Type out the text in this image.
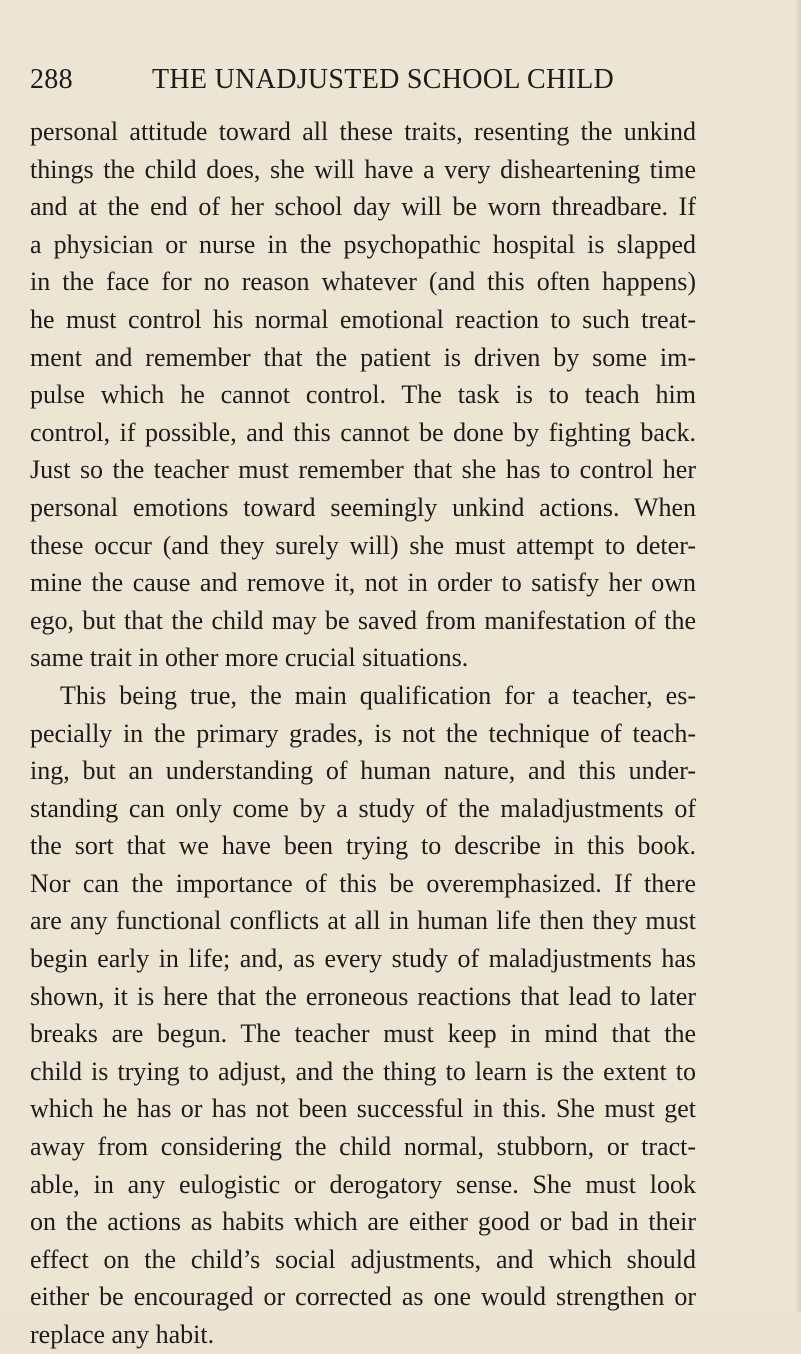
288	THE UNADJUSTED SCHOOL CHILD
personal attitude toward all these traits, resenting the unkind
things the child does, she will have a very disheartening time
and at the end of her school day will be worn threadbare. If
a physician or nurse in the psychopathic hospital is slapped
in the face for no reason whatever (and this often happens)
he must control his normal emotional reaction to such treat-
ment and remember that the patient is driven by some im-
pulse which he cannot control. The task is to teach him
control, if possible, and this cannot be done by fighting back.
Just so the teacher must remember that she has to control her
personal emotions toward seemingly unkind actions. When
these occur (and they surely will) she must attempt to deter-
mine the cause and remove it, not in order to satisfy her own
ego, but that the child may be saved from manifestation of the
same trait in other more crucial situations.
This being true, the main qualification for a teacher, es-
pecially in the primary grades, is not the technique of teach-
ing, but an understanding of human nature, and this under-
standing can only come by a study of the maladjustments of
the sort that we have been trying to describe in this book.
Nor can the importance of this be overemphasized. If there
are any functional conflicts at all in human life then they must
begin early in life; and, as every study of maladjustments has
shown, it is here that the erroneous reactions that lead to later
breaks are begun. The teacher must keep in mind that the
child is trying to adjust, and the thing to learn is the extent to
which he has or has not been successful in this. She must get
away from considering the child normal, stubborn, or tract-
able, in any eulogistic or derogatory sense. She must look
on the actions as habits which are either good or bad in their
effect on the child’s social adjustments, and which should
either be encouraged or corrected as one would strengthen or
replace any habit.
